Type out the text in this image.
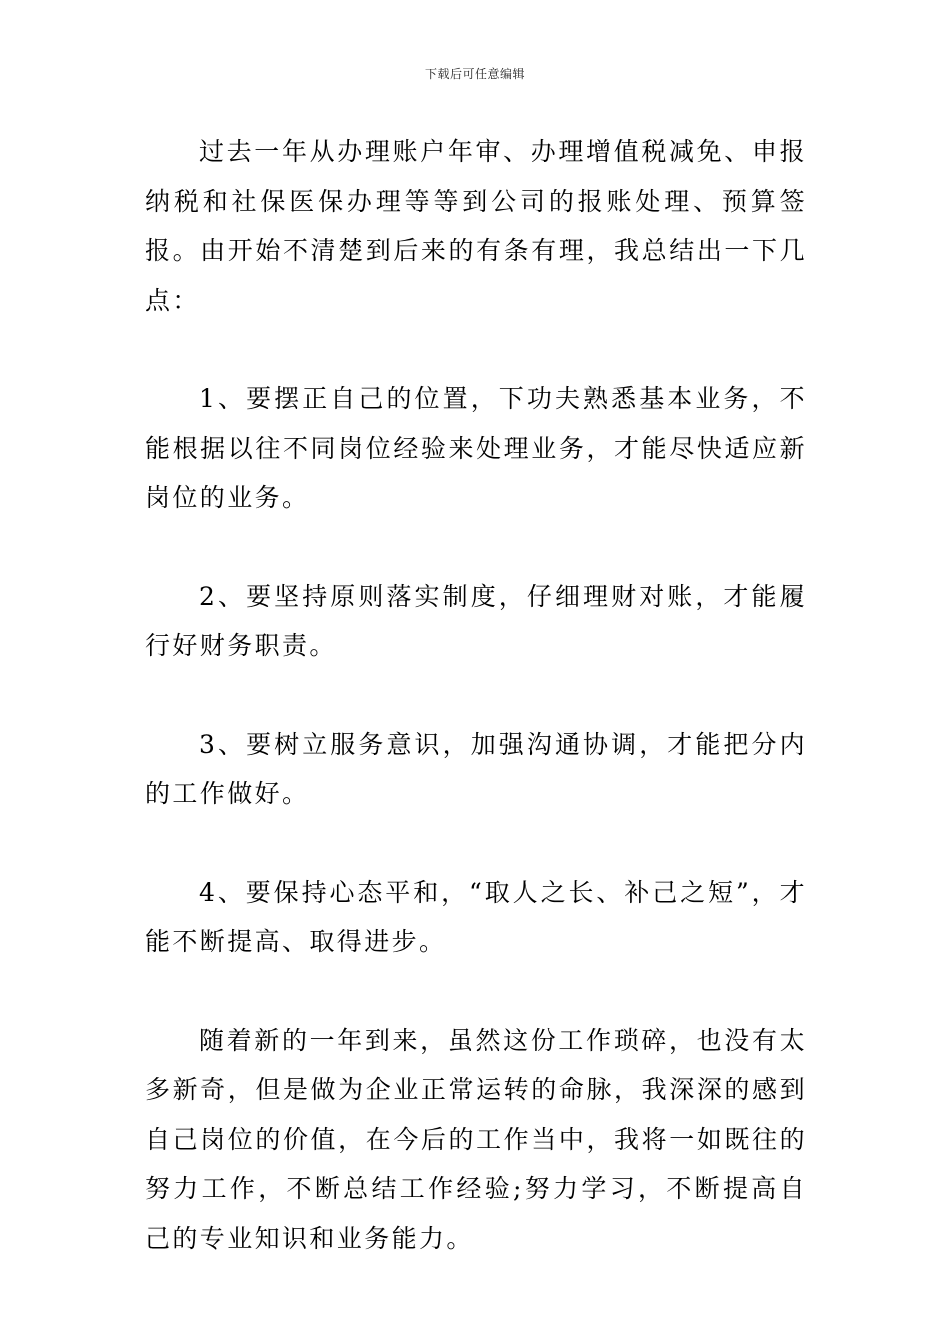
下载后可任意编辑

过去一年从办理账户年审、办理增值税减免、申报纳税和社保医保办理等等到公司的报账处理、预算签报。由开始不清楚到后来的有条有理，我总结出一下几点：

1、要摆正自己的位置，下功夫熟悉基本业务，不能根据以往不同岗位经验来处理业务，才能尽快适应新岗位的业务。

2、要坚持原则落实制度，仔细理财对账，才能履行好财务职责。

3、要树立服务意识，加强沟通协调，才能把分内的工作做好。

4、要保持心态平和，“取人之长、补己之短”，才能不断提高、取得进步。

随着新的一年到来，虽然这份工作琐碎，也没有太多新奇，但是做为企业正常运转的命脉，我深深的感到自己岗位的价值，在今后的工作当中，我将一如既往的努力工作，不断总结工作经验;努力学习，不断提高自己的专业知识和业务能力。
